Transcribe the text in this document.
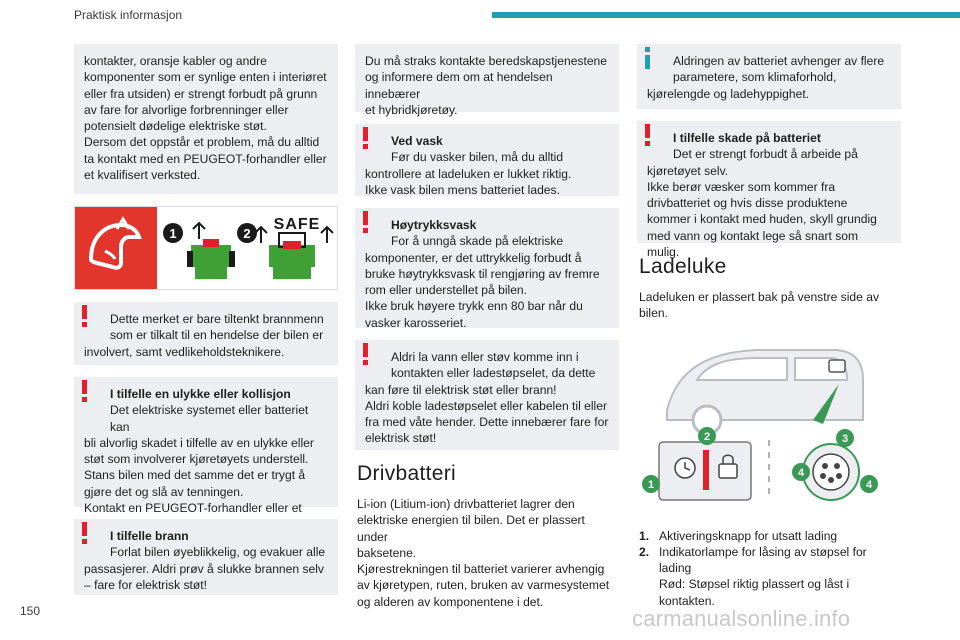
Praktisk informasjon
kontakter, oransje kabler og andre
komponenter som er synlige enten i interiøret
eller fra utsiden) er strengt forbudt på grunn
av fare for alvorlige forbrenninger eller
potensielt dødelige elektriske støt.
Dersom det oppstår et problem, må du alltid
ta kontakt med en PEUGEOT-forhandler eller
et kvalifisert verksted.
1	2
SAFE
Dette merket er bare tiltenkt brannmenn
som er tilkalt til en hendelse der bilen er
involvert, samt vedlikeholdsteknikere.
I tilfelle en ulykke eller kollisjon
Det elektriske systemet eller batteriet kan
bli alvorlig skadet i tilfelle av en ulykke eller
støt som involverer kjøretøyets understell.
Stans bilen med det samme det er trygt å
gjøre det og slå av tenningen.
Kontakt en PEUGEOT-forhandler eller et
I tilfelle brann
Forlat bilen øyeblikkelig, og evakuer alle
passasjerer. Aldri prøv å slukke brannen selv
– fare for elektrisk støt!
Du må straks kontakte beredskapstjenestene
og informere dem om at hendelsen innebærer
et hybridkjøretøy.
Ved vask
Før du vasker bilen, må du alltid
kontrollere at ladeluken er lukket riktig.
Ikke vask bilen mens batteriet lades.
Høytrykksvask
For å unngå skade på elektriske
komponenter, er det uttrykkelig forbudt å
bruke høytrykksvask til rengjøring av fremre
rom eller understellet på bilen.
Ikke bruk høyere trykk enn 80 bar når du
vasker karosseriet.
Aldri la vann eller støv komme inn i
kontakten eller ladestøpselet, da dette
kan føre til elektrisk støt eller brann!
Aldri koble ladestøpselet eller kabelen til eller
fra med våte hender. Dette innebærer fare for
elektrisk støt!
Drivbatteri
Li-ion (Litium-ion) drivbatteriet lagrer den
elektriske energien til bilen. Det er plassert under
baksetene.
Kjørestrekningen til batteriet varierer avhengig
av kjøretypen, ruten, bruken av varmesystemet
og alderen av komponentene i det.
Aldringen av batteriet avhenger av flere
parametere, som klimaforhold,
kjørelengde og ladehyppighet.
I tilfelle skade på batteriet
Det er strengt forbudt å arbeide på
kjøretøyet selv.
Ikke berør væsker som kommer fra
drivbatteriet og hvis disse produktene
kommer i kontakt med huden, skyll grundig
med vann og kontakt lege så snart som mulig.
Ladeluke
Ladeluken er plassert bak på venstre side av
bilen.
1
2	3
4
4
1. Aktiveringsknapp for utsatt lading
2. Indikatorlampe for låsing av støpsel for lading
Rød: Støpsel riktig plassert og låst i
kontakten.
150	carmanualsonline.info
